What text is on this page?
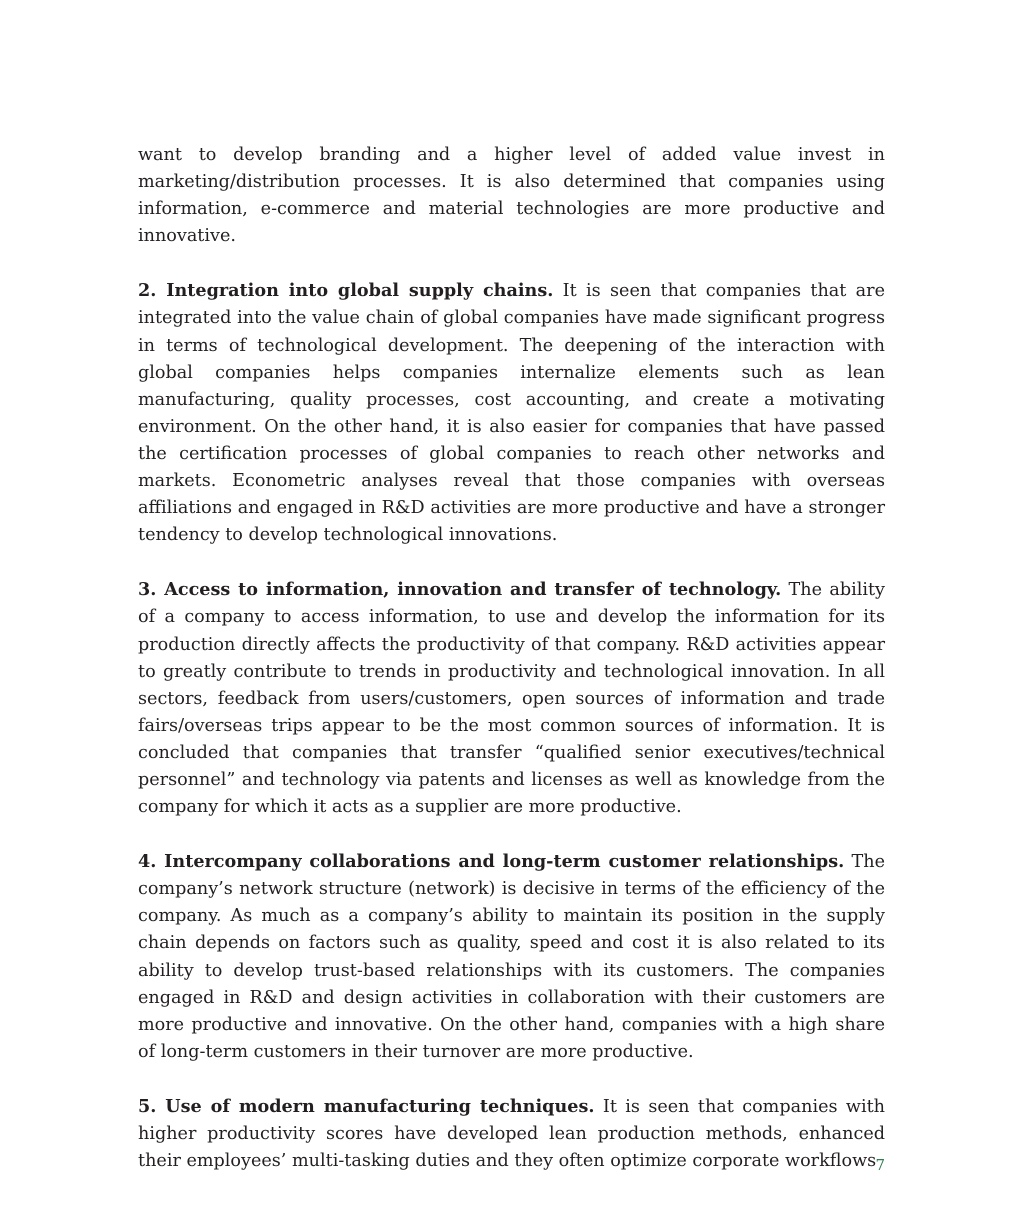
want to develop branding and a higher level of added value invest in marketing/distribution processes. It is also determined that companies using information, e-commerce and material technologies are more productive and innovative.

2. Integration into global supply chains. It is seen that companies that are integrated into the value chain of global companies have made significant progress in terms of technological development. The deepening of the interaction with global companies helps companies internalize elements such as lean manufacturing, quality processes, cost accounting, and create a motivating environment. On the other hand, it is also easier for companies that have passed the certification processes of global companies to reach other networks and markets. Econometric analyses reveal that those companies with overseas affiliations and engaged in R&D activities are more productive and have a stronger tendency to develop technological innovations.

3. Access to information, innovation and transfer of technology. The ability of a company to access information, to use and develop the information for its production directly affects the productivity of that company. R&D activities appear to greatly contribute to trends in productivity and technological innovation. In all sectors, feedback from users/customers, open sources of information and trade fairs/overseas trips appear to be the most common sources of information. It is concluded that companies that transfer “qualified senior executives/technical personnel” and technology via patents and licenses as well as knowledge from the company for which it acts as a supplier are more productive.

4. Intercompany collaborations and long-term customer relationships. The company’s network structure (network) is decisive in terms of the efficiency of the company. As much as a company’s ability to maintain its position in the supply chain depends on factors such as quality, speed and cost it is also related to its ability to develop trust-based relationships with its customers. The companies engaged in R&D and design activities in collaboration with their customers are more productive and innovative. On the other hand, companies with a high share of long-term customers in their turnover are more productive.

5. Use of modern manufacturing techniques. It is seen that companies with higher productivity scores have developed lean production methods, enhanced their employees’ multi-tasking duties and they often optimize corporate workflows 7
